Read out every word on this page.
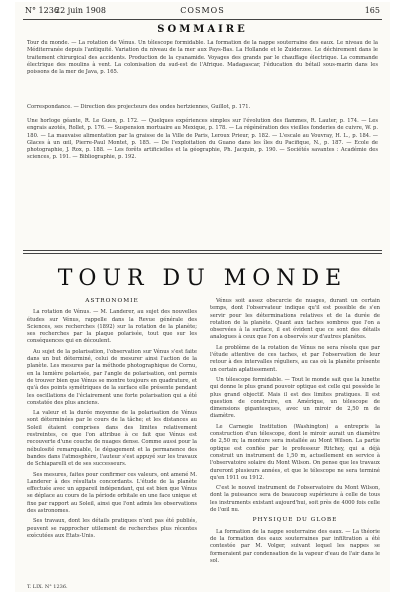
N° 1236
22 juin 1908	COSMOS	165
SOMMAIRE
Tour du monde. — La rotation de Vénus. Un télescope formidable. La formation de la nappe souterraine des eaux. Le niveau de la Méditerranée depuis l'antiquité. Variation du niveau de la mer aux Pays-Bas. La Hollande et le Zuiderzee. Le déchirement dans le traitement chirurgical des accidents. Production de la cyanamide. Voyages des grands par le chauffage électrique. La commande électrique des moulins à vent. La colonisation du sud-est de l'Afrique. Madagascar, l'éducation du bétail sous-marin dans les poissons de la mer de Java, p. 165.
Correspondance. — Direction des projecteurs des ondes hertziennes, Guillot, p. 171.
Une horloge géante, R. Le Guen, p. 172. — Quelques expériences simples sur l'évolution des flammes, R. Lauter, p. 174. — Les engrais azotés, Rollet, p. 176. — Suspension mortuaire au Mexique, p. 178. — La régénération des vieilles fonderies de cuivre, W. p. 180. — La mauvaise alimentation par la graisse de la Ville de Paris, Leroux Prieur, p. 182. — L'escale au Vouvray, H. L., p. 184. — Glaces à un œil, Pierre-Paul Montet, p. 185. — De l'exploitation du Guano dans les îles du Pacifique, N., p. 187. — Ecole de photographie, J. Rox, p. 188. — Les forêts artificielles et la géographie, Ph. Jacquin, p. 190. — Sociétés savantes : Académie des sciences, p. 191. — Bibliographie, p. 192.
TOUR DU MONDE
ASTRONOMIE

La rotation de Vénus. — M. Landerer, au sujet des nouvelles études sur Vénus, rappelle dans la Revue générale des Sciences, ses recherches (1892) sur la rotation de la planète; ses recherches par la plaque polarisée, tout que sur les conséquences qui en découlent.

Au sujet de la polarisation, l'observation sur Vénus s'est faite dans un but déterminé, celui de mesurer ainsi l'action de la planète. Les mesures par la méthode photographique de Cornu, en la lumière polarisée, par l'angle de polarisation, ont permis de trouver bien que Vénus se montre toujours en quadrature, et qu'à des points symétriques de la surface elle présente pendant les oscillations de l'éclairement une forte polarisation qui a été constatée des plus anciens.

La valeur et la durée moyenne de la polarisation de Vénus sont déterminées par le cours de la tâche; et les distances au Soleil étaient comprises dans des limites relativement restreintes, ce que l'on attribue à ce fait que Vénus est recouverte d'une couche de nuages dense. Comme aussi pour la nébulosité remarquable, le dégagement et la permanence des bandes dans l'atmosphère, l'auteur s'est appuyé sur les travaux de Schiaparelli et de ses successeurs.

Ses mesures, faites pour confirmer ces valeurs, ont amené M. Landerer à des résultats concordants. L'étude de la planète effectuée avec un appareil indépendant, qui est bien que Vénus se déplace au cours de la période orbitale en une face unique et fixe par rapport au Soleil, ainsi que l'ont admis les observations des astronomes.

Ses travaux, dont les détails pratiques n'ont pas été publiés, peuvent se rapprocher utilement de recherches plus récentes exécutées aux Etats-Unis.

Vénus soit assez obscurcie de nuages, durant un certain temps, dont l'observateur indique qu'il est possible de s'en servir pour les déterminations relatives et de la durée de rotation de la planète. Quant aux taches sombres que l'on a observées à la surface, il est évident que ce sont des détails analogues à ceux que l'on a observés sur d'autres planètes.

Le problème de la rotation de Vénus ne sera résolu que par l'étude attentive de ces taches, et par l'observation de leur retour à des intervalles réguliers, au cas où la planète présente un certain aplatissement.

Un télescope formidable. — Tout le monde sait que la lunette qui donne le plus grand pouvoir optique est celle qui possède le plus grand objectif. Mais il est des limites pratiques. Il est question de construire, en Amérique, un télescope de dimensions gigantesques, avec un miroir de 2,50 m de diamètre.

Le Carnegie Institution (Washington) a entrepris la construction d'un télescope, dont le miroir aurait un diamètre de 2,50 m; la monture sera installée au Mont Wilson. La partie optique est confiée par le professeur Ritchey, qui a déjà construit un instrument de 1,50 m, actuellement en service à l'observatoire solaire du Mont Wilson. On pense que les travaux dureront plusieurs années, et que le télescope ne sera terminé qu'en 1911 ou 1912.

C'est le nouvel instrument de l'observatoire du Mont Wilson, dont la puissance sera de beaucoup supérieure à celle de tous les instruments existant aujourd'hui, soit près de 4000 fois celle de l'œil nu.

PHYSIQUE DU GLOBE

La formation de la nappe souterraine des eaux. — La théorie de la formation des eaux souterraines par infiltration a été contestée par M. Volger, suivant lequel les nappes se formeraient par condensation de la vapeur d'eau de l'air dans le sol.

T. LIX. N° 1236.
